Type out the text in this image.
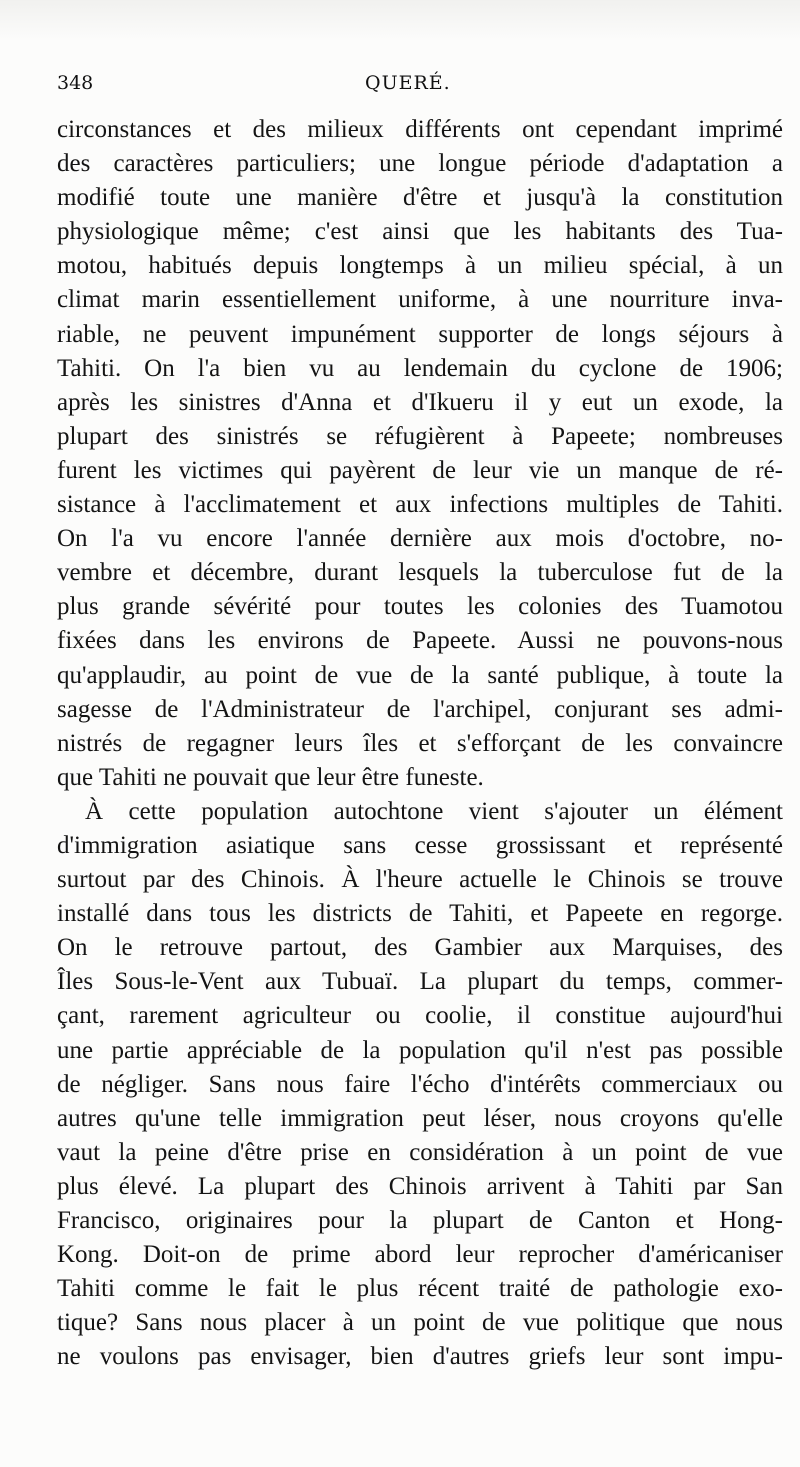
348	QUERÉ.
circonstances et des milieux différents ont cependant imprimé
des caractères particuliers; une longue période d'adaptation a
modifié toute une manière d'être et jusqu'à la constitution
physiologique même; c'est ainsi que les habitants des Tua-
motou, habitués depuis longtemps à un milieu spécial, à un
climat marin essentiellement uniforme, à une nourriture inva-
riable, ne peuvent impunément supporter de longs séjours à
Tahiti. On l'a bien vu au lendemain du cyclone de 1906;
après les sinistres d'Anna et d'Ikueru il y eut un exode, la
plupart des sinistrés se réfugièrent à Papeete; nombreuses
furent les victimes qui payèrent de leur vie un manque de ré-
sistance à l'acclimatement et aux infections multiples de Tahiti.
On l'a vu encore l'année dernière aux mois d'octobre, no-
vembre et décembre, durant lesquels la tuberculose fut de la
plus grande sévérité pour toutes les colonies des Tuamotou
fixées dans les environs de Papeete. Aussi ne pouvons-nous
qu'applaudir, au point de vue de la santé publique, à toute la
sagesse de l'Administrateur de l'archipel, conjurant ses admi-
nistrés de regagner leurs îles et s'efforçant de les convaincre
que Tahiti ne pouvait que leur être funeste.
À cette population autochtone vient s'ajouter un élément
d'immigration asiatique sans cesse grossissant et représenté
surtout par des Chinois. À l'heure actuelle le Chinois se trouve
installé dans tous les districts de Tahiti, et Papeete en regorge.
On le retrouve partout, des Gambier aux Marquises, des
Îles Sous-le-Vent aux Tubuaï. La plupart du temps, commer-
çant, rarement agriculteur ou coolie, il constitue aujourd'hui
une partie appréciable de la population qu'il n'est pas possible
de négliger. Sans nous faire l'écho d'intérêts commerciaux ou
autres qu'une telle immigration peut léser, nous croyons qu'elle
vaut la peine d'être prise en considération à un point de vue
plus élevé. La plupart des Chinois arrivent à Tahiti par San
Francisco, originaires pour la plupart de Canton et Hong-
Kong. Doit-on de prime abord leur reprocher d'américaniser
Tahiti comme le fait le plus récent traité de pathologie exo-
tique? Sans nous placer à un point de vue politique que nous
ne voulons pas envisager, bien d'autres griefs leur sont impu-
